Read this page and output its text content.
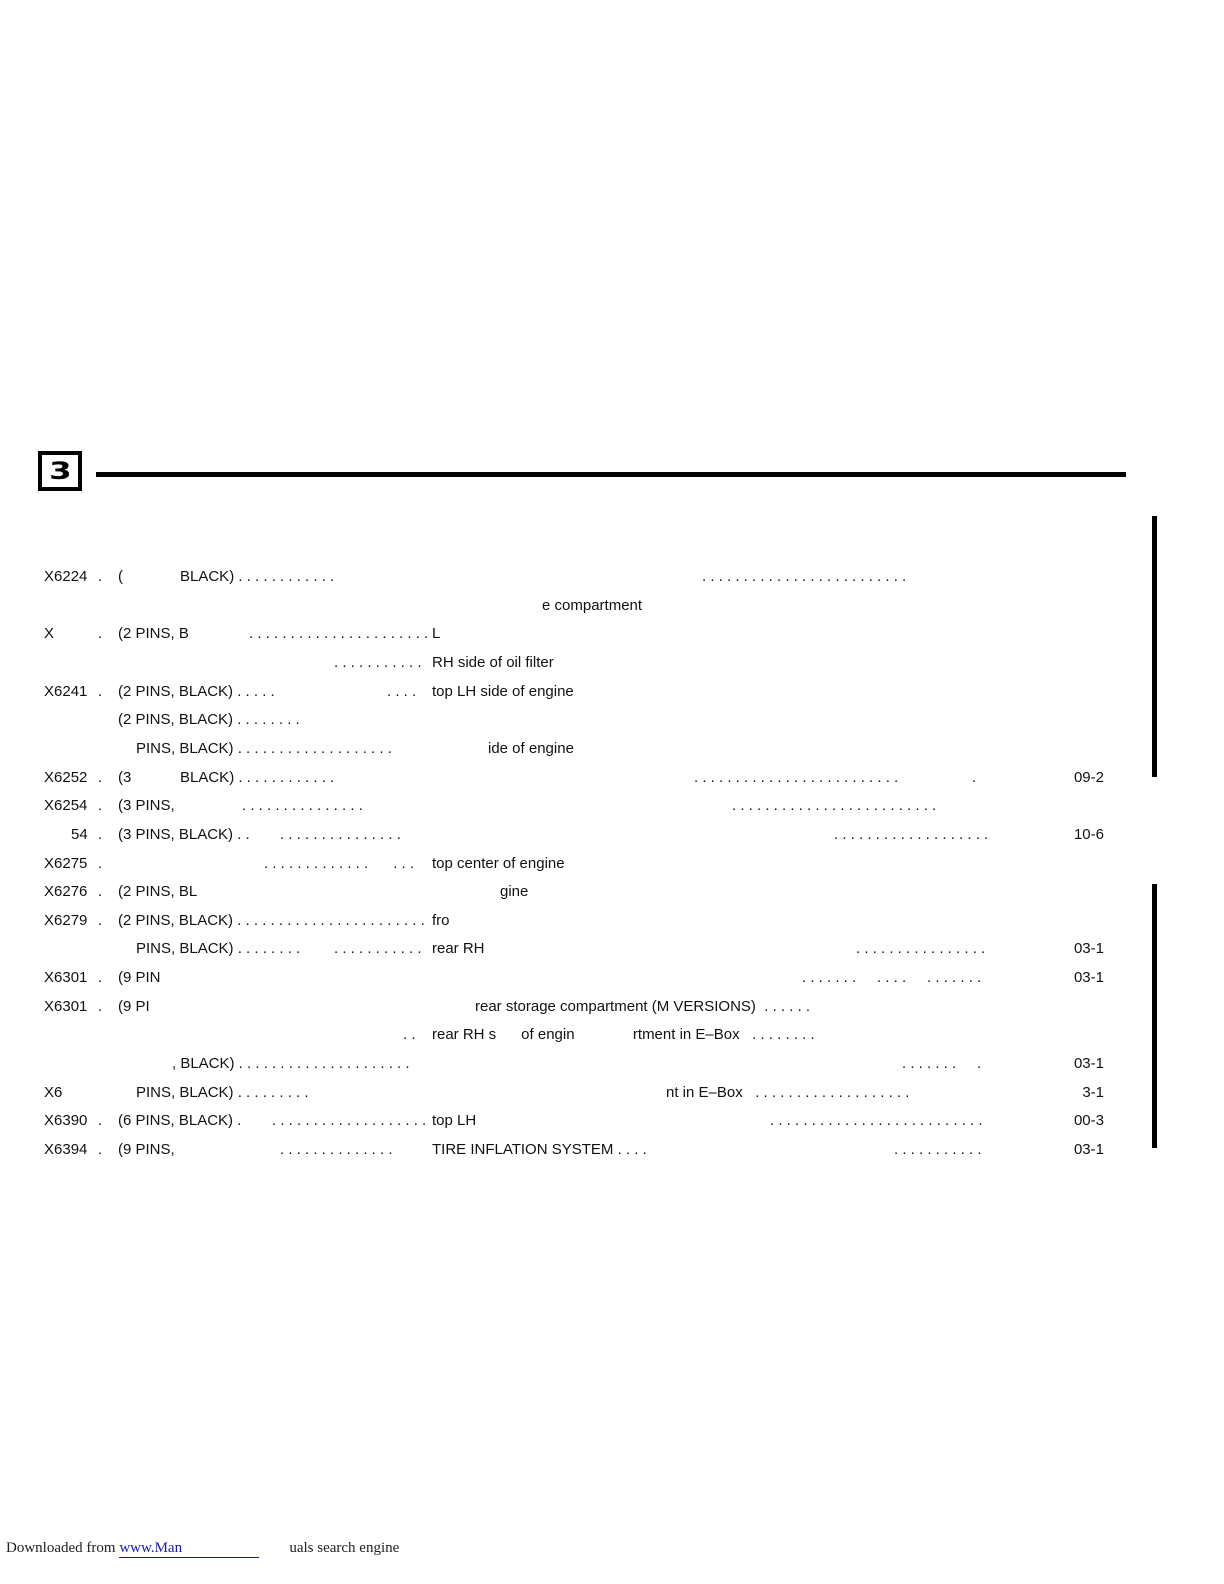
3
X6224 . (	BLACK) . . . . . . . . . . . .	. . . . . . . . . . . . . . . . . . . . . . . . .
e compartment
X	. (2 PINS, B	. . . . . . . . . . . . . . . . . . . . . . L
. . . . . . . . . . . RH side of oil filter
X6241 . (2 PINS, BLACK) . . . . .	. . . . top LH side of engine
(2 PINS, BLACK) . . . . . . . .
PINS, BLACK) . . . . . . . . . . . . . . . . . . .	ide of engine
X6252 . (3	BLACK) . . . . . . . . . . . .	. . . . . . . . . . . . . . . . . . . . . . . . .	.	09-2
X6254 . (3 PINS,	. . . . . . . . . . . . . . .	. . . . . . . . . . . . . . . . . . . . . . . . .
54 . (3 PINS, BLACK) . . . . . . . . . . . . . . . . .	. . . . . . . . . . . . . . . . . . .	10-6
X6275 .	. . . . . . . . . . . . .      . . . top center of engine
X6276 . (2 PINS, BL	gine
X6279 . (2 PINS, BLACK) . . . . . . . . . . . . . . . . . . . . . . . fro
PINS, BLACK) . . . . . . . . . . . . . . . . . . . rear RH	. . . . . . . . . . . . . . . .	03-1
X6301 . (9 PIN	. . . . . . .     . . . .     . . . . . . .	03-1
X6301 . (9 PI	rear storage compartment (M VERSIONS)  . . . . . .
. . rear RH s      of engin              rtment in E–Box   . . . . . . . .
, BLACK) . . . . . . . . . . . . . . . . . . . . .	. . . . . . .     .	03-1
X6	PINS, BLACK) . . . . . . . . .	nt in E–Box   . . . . . . . . . . . . . . . . . . .	3-1
X6390 . (6 PINS, BLACK) . . . . . . . . . . . . . . . . . . . . top LH	. . . . . . . . . . . . . . . . . . . . . . . . . .	00-3
X6394 . (9 PINS,	. . . . . . . . . . . . . .	TIRE INFLATION SYSTEM . . . .	. . . . . . . . . . .	03-1
Downloaded from www.Man	uals search engine
